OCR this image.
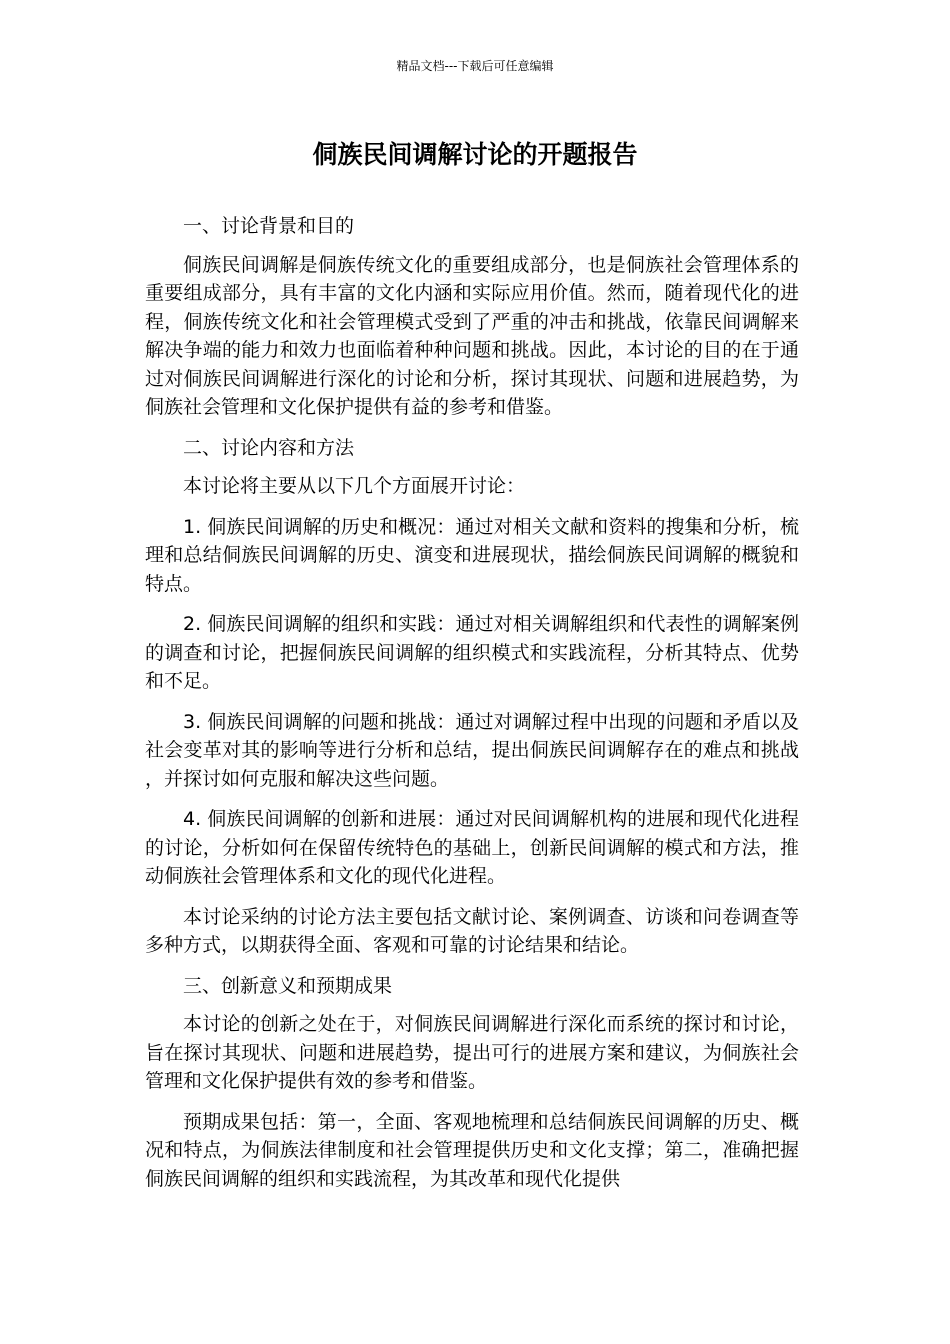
精品文档---下载后可任意编辑
侗族民间调解讨论的开题报告

一、讨论背景和目的

侗族民间调解是侗族传统文化的重要组成部分，也是侗族社会管理体系的重要组成部分，具有丰富的文化内涵和实际应用价值。然而，随着现代化的进程，侗族传统文化和社会管理模式受到了严重的冲击和挑战，依靠民间调解来解决争端的能力和效力也面临着种种问题和挑战。因此，本讨论的目的在于通过对侗族民间调解进行深化的讨论和分析，探讨其现状、问题和进展趋势，为侗族社会管理和文化保护提供有益的参考和借鉴。

二、讨论内容和方法

本讨论将主要从以下几个方面展开讨论：

1. 侗族民间调解的历史和概况：通过对相关文献和资料的搜集和分析，梳理和总结侗族民间调解的历史、演变和进展现状，描绘侗族民间调解的概貌和特点。

2. 侗族民间调解的组织和实践：通过对相关调解组织和代表性的调解案例的调查和讨论，把握侗族民间调解的组织模式和实践流程，分析其特点、优势和不足。

3. 侗族民间调解的问题和挑战：通过对调解过程中出现的问题和矛盾以及社会变革对其的影响等进行分析和总结，提出侗族民间调解存在的难点和挑战，并探讨如何克服和解决这些问题。

4. 侗族民间调解的创新和进展：通过对民间调解机构的进展和现代化进程的讨论，分析如何在保留传统特色的基础上，创新民间调解的模式和方法，推动侗族社会管理体系和文化的现代化进程。

本讨论采纳的讨论方法主要包括文献讨论、案例调查、访谈和问卷调查等多种方式，以期获得全面、客观和可靠的讨论结果和结论。

三、创新意义和预期成果

本讨论的创新之处在于，对侗族民间调解进行深化而系统的探讨和讨论，旨在探讨其现状、问题和进展趋势，提出可行的进展方案和建议，为侗族社会管理和文化保护提供有效的参考和借鉴。

预期成果包括：第一，全面、客观地梳理和总结侗族民间调解的历史、概况和特点，为侗族法律制度和社会管理提供历史和文化支撑；第二，准确把握侗族民间调解的组织和实践流程，为其改革和现代化提供
